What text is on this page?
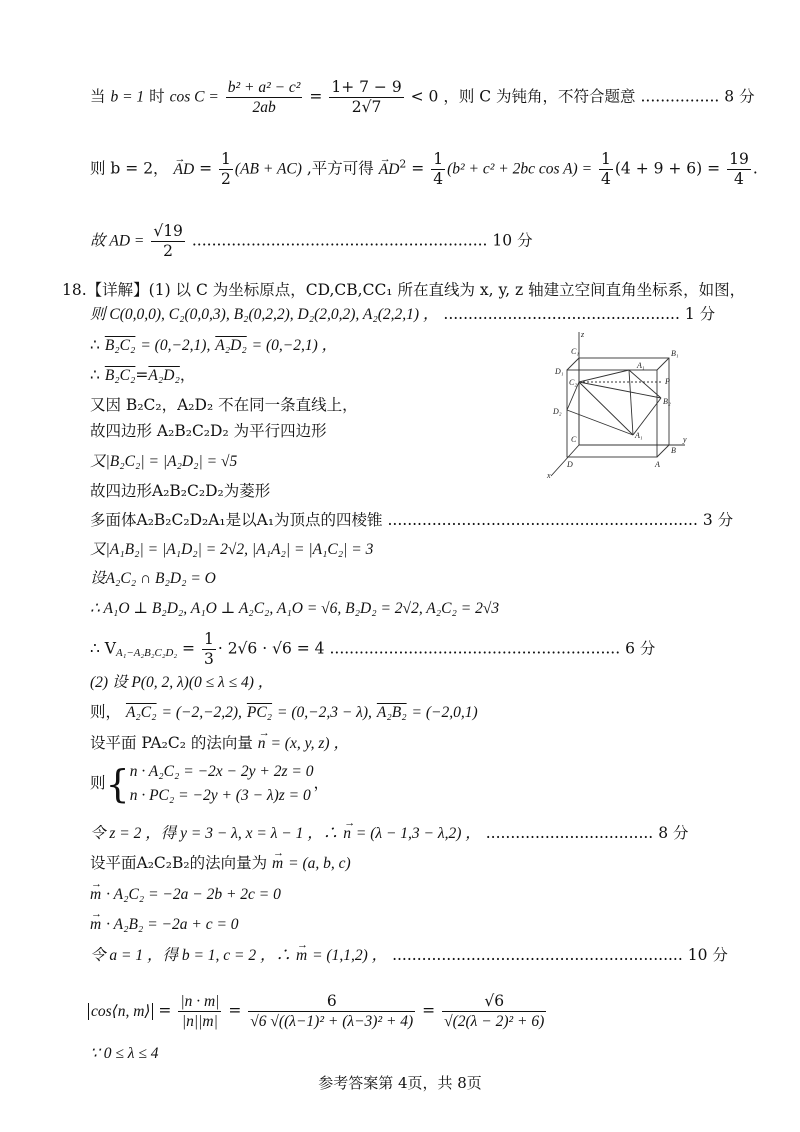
当 b = 1 时 $\cos C = \frac{\text{b² + a² − c²}}{2ab} = \frac{1+ 7 - 9}{2√7} < 0$ ，则 C 为钝角，不符合题意 ................ 8 分
则 b = 2， → AD = $\frac{1}{2} (AB + AC)$ ,平方可得 → $AD^2 = \frac{1}{4} (b^2 + c^2 + 2bc$ $\cos A) = \frac{1}{4} (4 + 9 + 6) = \frac{19}{4}$ .
故 AD = $\frac{√19}{2}$ ............................................................ 10 分
18.【详解】(1) 以 C 为坐标原点，CD,CB,CC₁ 所在直线为 x, y, z 轴建立空间直角坐标系，如图，
则 C(0,0,0), C₂(0,0,3), B₂(0,2,2), D₂(2,0,2), A₂(2,2,1) ， ................................................ 1 分
∴ B₂C₂ = (0,−2,1), A₂D₂ = (0,−2,1) ，
∴ B₂C₂=A₂D₂，
又因 B₂C₂，A₂D₂ 不在同一条直线上，
故四边形 A₂B₂C₂D₂ 为平行四边形
又|B₂C₂| = |A₂D₂| = √5
故四边形A₂B₂C₂D₂为菱形
多面体A₂B₂C₂D₂A₁是以A₁为顶点的四棱锥 ............................................................... 3 分
又|A₁B₂| = |A₁D₂| = 2√2, |A₁A₂| = |A₁C₂| = 3
设A₂C₂ ∩ B₂D₂ = O
∴ A₁O ⊥ B₂D₂, A₁O ⊥ A₂C₂, A₁O = √6, B₂D₂ = 2√2, A₂C₂ = 2√3
∴ $V_{A_1-A_2B_2C_2D_2} = \frac{1}{3} \cdot 2√6 \cdot √6 = 4$ ........................................................... 6 分
(2) 设 P(0, 2, λ)(0 ≤ λ ≤ 4) ，
则， A₂C₂ = (−2,−2,2), PC₂ = (0,−2,3 − λ), A₂B₂ = (−2,0,1)
设平面 PA₂C₂ 的法向量 → n = (x, y, z) ，
则{ n · A₂C₂ = −2x − 2y + 2z = 0
n · PC₂ = −2y + (3 − λ)z = 0
，
令 z = 2 ，得 y = 3 − λ, x = λ − 1 ，∴ → n = (λ − 1,3 − λ,2) ， .................................. 8 分
设平面A₂C₂B₂的法向量为 → m = (a, b, c)
→ m · A₂C₂ = −2a − 2b + 2c = 0
→ m · A₂B₂ = −2a + c = 0
令 a = 1 ，得 b = 1, c = 2 ，∴ → m = (1,1,2) ， ........................................................... 10 分
cos⟨n, m⟩ = $\frac{|n \cdot m|}{|n||m|} = \frac{6}{\text{√6 √((λ−1)² + (λ−3)² + 4)}} = \frac{√6}{\text{√(2(λ − 2)² + 6)}}$
∵ 0 ≤ λ ≤ 4
z
y
x
C₁	B₁
D₁
A₁
C₂	P
B₂
D₂
A₁
C
B
D	A
参考答案第 4页，共 8页
